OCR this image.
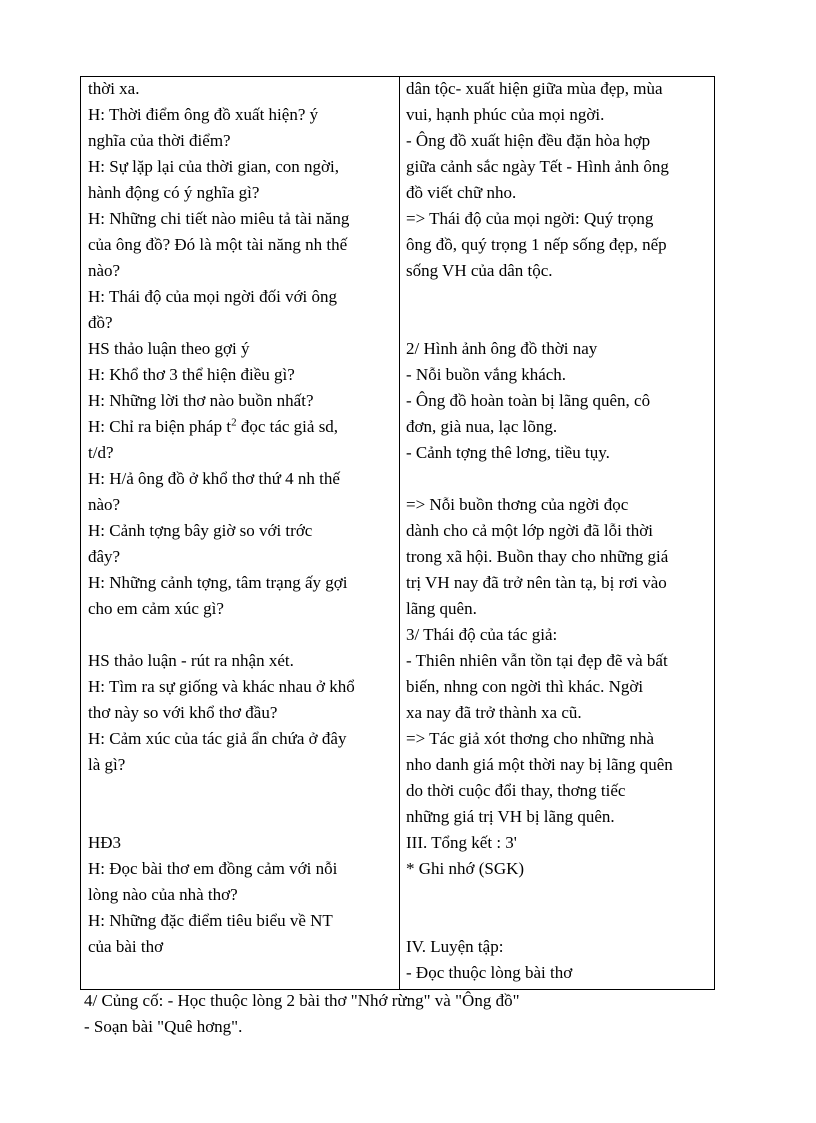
thời xa.
H: Thời điểm ông đồ xuất hiện? ý
nghĩa của thời điểm?
H: Sự lặp lại của thời gian, con ngời,
hành động có ý nghĩa gì?
H: Những chi tiết nào miêu tả tài năng
của ông đồ? Đó là một tài năng nh thế
nào?
H: Thái độ của mọi ngời đối với ông
đồ?
HS thảo luận theo gợi ý
H: Khổ thơ 3 thể hiện điều gì?
H: Những lời thơ nào buồn nhất?
H: Chỉ ra biện pháp $t^2$ đọc tác giả sd,
t/d?
H: H/ả ông đồ ở khổ thơ thứ 4 nh thế
nào?
H: Cảnh tợng bây giờ so với trớc
đây?
H: Những cảnh tợng, tâm trạng ấy gợi
cho em cảm xúc gì?
HS thảo luận - rút ra nhận xét.
H: Tìm ra sự giống và khác nhau ở khổ
thơ này so với khổ thơ đầu?
H: Cảm xúc của tác giả ẩn chứa ở đây
là gì?
HĐ3
H: Đọc bài thơ em đồng cảm với nỗi
lòng nào của nhà thơ?
H: Những đặc điểm tiêu biểu về NT
của bài thơ
dân tộc- xuất hiện giữa mùa đẹp, mùa
vui, hạnh phúc của mọi ngời.
- Ông đồ xuất hiện đều đặn hòa hợp
giữa cảnh sắc ngày Tết - Hình ảnh ông
đồ viết chữ nho.
=> Thái độ của mọi ngời: Quý trọng
ông đồ, quý trọng 1 nếp sống đẹp, nếp
sống VH của dân tộc.
2/ Hình ảnh ông đồ thời nay
- Nỗi buồn vắng khách.
- Ông đồ hoàn toàn bị lãng quên, cô
đơn, già nua, lạc lõng.
- Cảnh tợng thê lơng, tiều tụy.
=> Nỗi buồn thơng của ngời đọc
dành cho cả một lớp ngời đã lỗi thời
trong xã hội. Buồn thay cho những giá
trị VH nay đã trở nên tàn tạ, bị rơi vào
lãng quên.
3/ Thái độ của tác giả:
- Thiên nhiên vẫn tồn tại đẹp đẽ và bất
biến, nhng con ngời thì khác. Ngời
xa nay đã trở thành xa cũ.
=> Tác giả xót thơng cho những nhà
nho danh giá một thời nay bị lãng quên
do thời cuộc đổi thay, thơng tiếc
những giá trị VH bị lãng quên.
III. Tổng kết : 3'
* Ghi nhớ (SGK)
IV. Luyện tập:
- Đọc thuộc lòng bài thơ
4/ Củng cố: - Học thuộc lòng 2 bài thơ "Nhớ rừng" và "Ông đồ"
- Soạn bài "Quê hơng".
